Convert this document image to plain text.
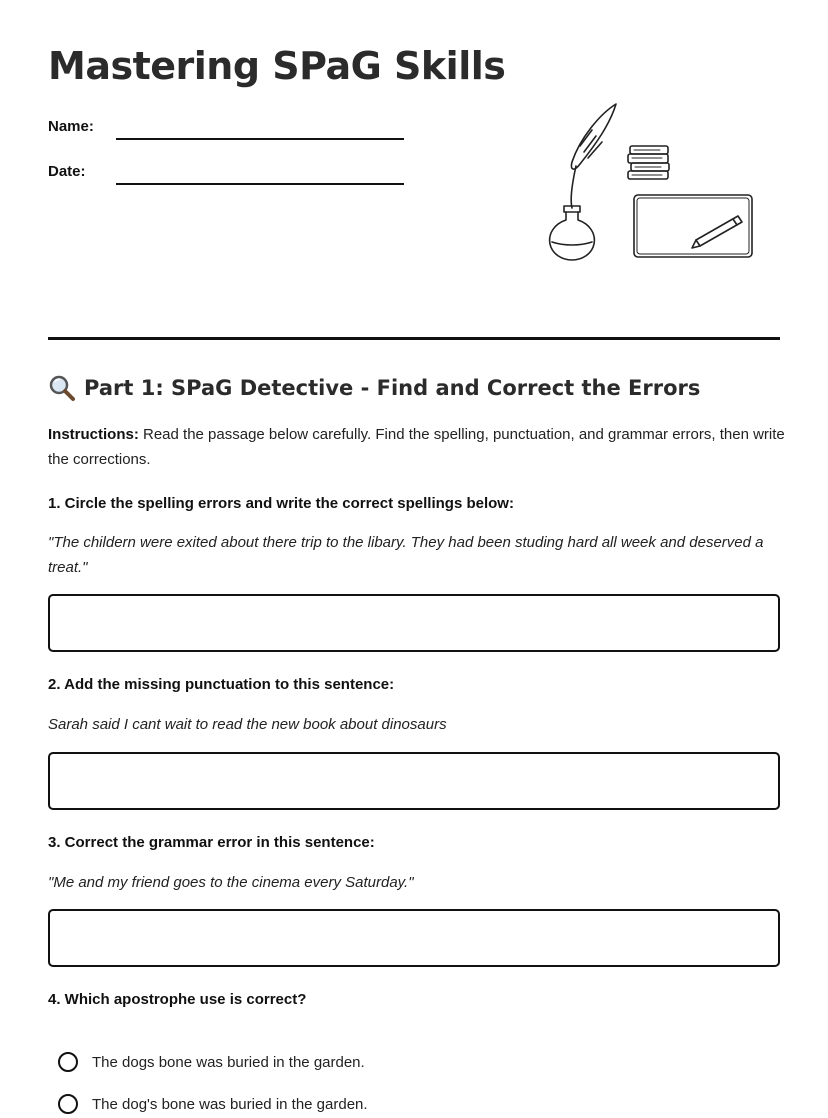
Mastering SPaG Skills
Name:
Date:
Part 1: SPaG Detective - Find and Correct the Errors
Instructions: Read the passage below carefully. Find the spelling, punctuation, and grammar errors, then write the corrections.
1. Circle the spelling errors and write the correct spellings below:
"The childern were exited about there trip to the libary. They had been studing hard all week and deserved a treat."
2. Add the missing punctuation to this sentence:
Sarah said I cant wait to read the new book about dinosaurs
3. Correct the grammar error in this sentence:
"Me and my friend goes to the cinema every Saturday."
4. Which apostrophe use is correct?
The dogs bone was buried in the garden.
The dog's bone was buried in the garden.
